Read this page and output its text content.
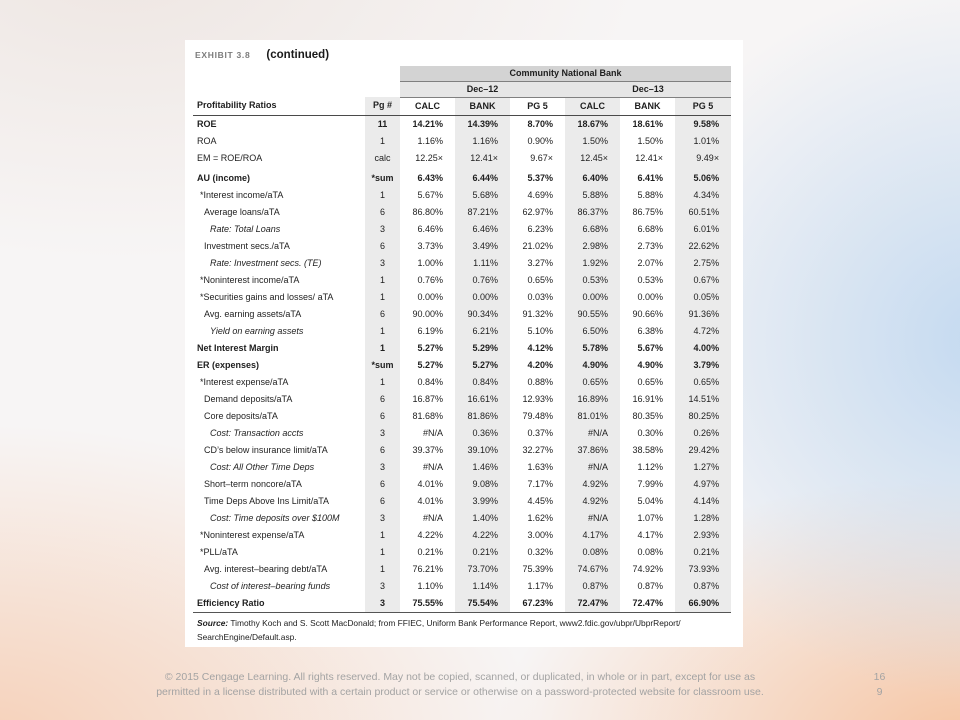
EXHIBIT 3.8 (continued)
		Community National Bank					
		Dec–12			Dec–13		
Profitability Ratios	Pg #	CALC	BANK	PG 5	CALC	BANK	PG 5
ROE	11	14.21%	14.39%	8.70%	18.67%	18.61%	9.58%
ROA	1	1.16%	1.16%	0.90%	1.50%	1.50%	1.01%
EM = ROE/ROA	calc	12.25×	12.41×	9.67×	12.45×	12.41×	9.49×
AU (income)	*sum	6.43%	6.44%	5.37%	6.40%	6.41%	5.06%
*Interest income/aTA	1	5.67%	5.68%	4.69%	5.88%	5.88%	4.34%
Average loans/aTA	6	86.80%	87.21%	62.97%	86.37%	86.75%	60.51%
Rate: Total Loans	3	6.46%	6.46%	6.23%	6.68%	6.68%	6.01%
Investment secs./aTA	6	3.73%	3.49%	21.02%	2.98%	2.73%	22.62%
Rate: Investment secs. (TE)	3	1.00%	1.11%	3.27%	1.92%	2.07%	2.75%
*Noninterest income/aTA	1	0.76%	0.76%	0.65%	0.53%	0.53%	0.67%
*Securities gains and losses/ aTA	1	0.00%	0.00%	0.03%	0.00%	0.00%	0.05%
Avg. earning assets/aTA	6	90.00%	90.34%	91.32%	90.55%	90.66%	91.36%
Yield on earning assets	1	6.19%	6.21%	5.10%	6.50%	6.38%	4.72%
Net Interest Margin	1	5.27%	5.29%	4.12%	5.78%	5.67%	4.00%
ER (expenses)	*sum	5.27%	5.27%	4.20%	4.90%	4.90%	3.79%
*Interest expense/aTA	1	0.84%	0.84%	0.88%	0.65%	0.65%	0.65%
Demand deposits/aTA	6	16.87%	16.61%	12.93%	16.89%	16.91%	14.51%
Core deposits/aTA	6	81.68%	81.86%	79.48%	81.01%	80.35%	80.25%
Cost: Transaction accts	3	#N/A	0.36%	0.37%	#N/A	0.30%	0.26%
CD’s below insurance limit/aTA	6	39.37%	39.10%	32.27%	37.86%	38.58%	29.42%
Cost: All Other Time Deps	3	#N/A	1.46%	1.63%	#N/A	1.12%	1.27%
Short–term noncore/aTA	6	4.01%	9.08%	7.17%	4.92%	7.99%	4.97%
Time Deps Above Ins Limit/aTA	6	4.01%	3.99%	4.45%	4.92%	5.04%	4.14%
Cost: Time deposits over $100M	3	#N/A	1.40%	1.62%	#N/A	1.07%	1.28%
*Noninterest expense/aTA	1	4.22%	4.22%	3.00%	4.17%	4.17%	2.93%
*PLL/aTA	1	0.21%	0.21%	0.32%	0.08%	0.08%	0.21%
Avg. interest–bearing debt/aTA	1	76.21%	73.70%	75.39%	74.67%	74.92%	73.93%
Cost of interest–bearing funds	3	1.10%	1.14%	1.17%	0.87%	0.87%	0.87%
Efficiency Ratio	3	75.55%	75.54%	67.23%	72.47%	72.47%	66.90%
Source: Timothy Koch and S. Scott MacDonald; from FFIEC, Uniform Bank Performance Report, www2.fdic.gov/ubpr/UbprReport/
SearchEngine/Default.asp.
© 2015 Cengage Learning. All rights reserved. May not be copied, scanned, or duplicated, in whole or in part, except for use as
permitted in a license distributed with a certain product or service or otherwise on a password-protected website for classroom use.
169
